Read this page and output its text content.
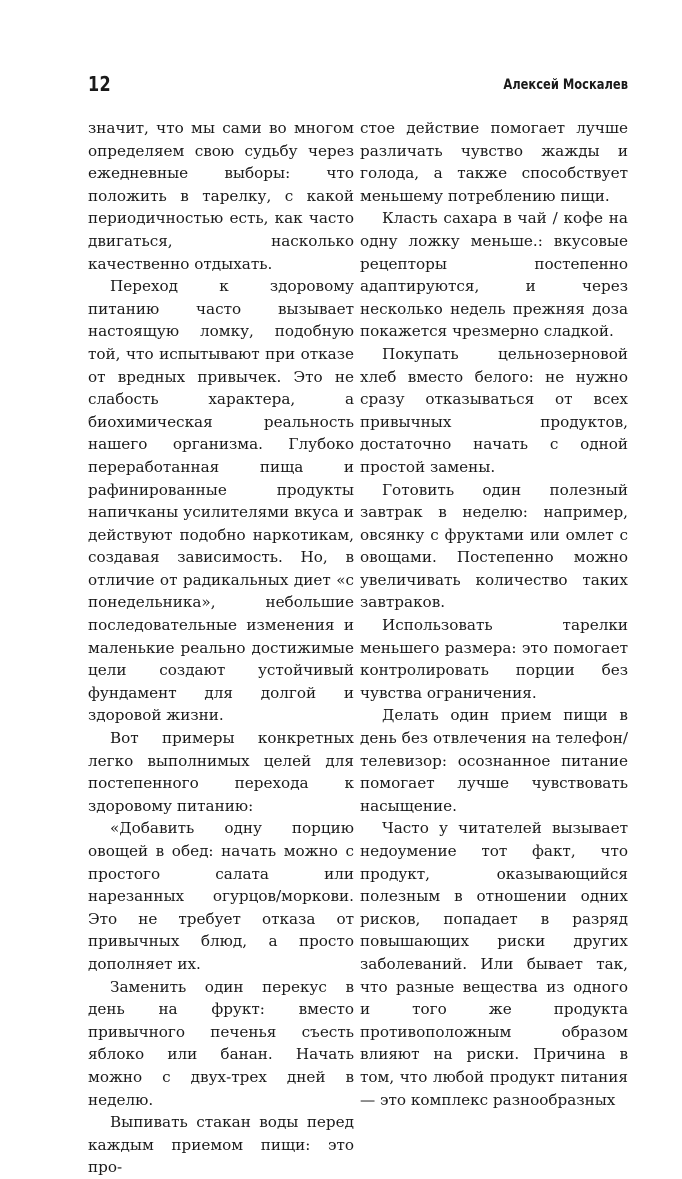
12	Алексей Москалев

значит, что мы сами во многом определяем свою судьбу через ежедневные выборы: что положить в тарелку, с какой периодичностью есть, как часто двигаться, насколько качественно отдыхать.

Переход к здоровому питанию часто вызывает настоящую ломку, подобную той, что испытывают при отказе от вредных привычек. Это не слабость характера, а биохимическая реальность нашего организма. Глубоко переработанная пища и рафинированные продукты напичканы усилителями вкуса и действуют подобно наркотикам, создавая зависимость. Но, в отличие от радикальных диет «с понедельника», небольшие последовательные изменения и маленькие реально достижимые цели создают устойчивый фундамент для долгой и здоровой жизни.

Вот примеры конкретных легко выполнимых целей для постепенного перехода к здоровому питанию:

«Добавить одну порцию овощей в обед: начать можно с простого салата или нарезанных огурцов/моркови. Это не требует отказа от привычных блюд, а просто дополняет их.

Заменить один перекус в день на фрукт: вместо привычного печенья съесть яблоко или банан. Начать можно с двух-трех дней в неделю.

Выпивать стакан воды перед каждым приемом пищи: это про-

стое действие помогает лучше различать чувство жажды и голода, а также способствует меньшему потреблению пищи.

Класть сахара в чай / кофе на одну ложку меньше.: вкусовые рецепторы постепенно адаптируются, и через несколько недель прежняя доза покажется чрезмерно сладкой.

Покупать цельнозерновой хлеб вместо белого: не нужно сразу отказываться от всех привычных продуктов, достаточно начать с одной простой замены.

Готовить один полезный завтрак в неделю: например, овсянку с фруктами или омлет с овощами. Постепенно можно увеличивать количество таких завтраков.

Использовать тарелки меньшего размера: это помогает контролировать порции без чувства ограничения.

Делать один прием пищи в день без отвлечения на телефон/телевизор: осознанное питание помогает лучше чувствовать насыщение.

Часто у читателей вызывает недоумение тот факт, что продукт, оказывающийся полезным в отношении одних рисков, попадает в разряд повышающих риски других заболеваний. Или бывает так, что разные вещества из одного и того же продукта противоположным образом влияют на риски. Причина в том, что любой продукт питания — это комплекс разнообразных
